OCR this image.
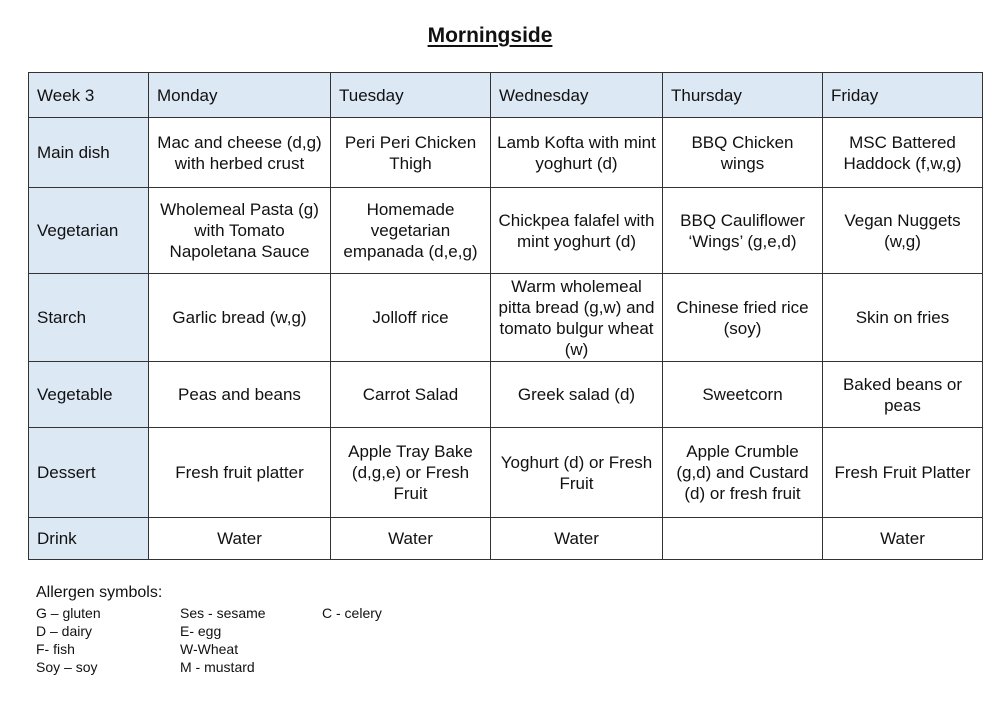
Morningside
Week 3	Monday	Tuesday	Wednesday	Thursday	Friday
Main dish	Mac and cheese (d,g) with herbed crust	Peri Peri Chicken Thigh	Lamb Kofta with mint yoghurt (d)	BBQ Chicken wings	MSC Battered Haddock (f,w,g)
Vegetarian	Wholemeal Pasta (g) with Tomato Napoletana Sauce	Homemade vegetarian empanada (d,e,g)	Chickpea falafel with mint yoghurt (d)	BBQ Cauliflower ‘Wings’ (g,e,d)	Vegan Nuggets (w,g)
Starch	Garlic bread (w,g)	Jolloff rice	Warm wholemeal pitta bread (g,w) and tomato bulgur wheat (w)	Chinese fried rice (soy)	Skin on fries
Vegetable	Peas and beans	Carrot Salad	Greek salad (d)	Sweetcorn	Baked beans or peas
Dessert	Fresh fruit platter	Apple Tray Bake (d,g,e) or Fresh Fruit	Yoghurt (d) or Fresh Fruit	Apple Crumble (g,d) and Custard (d) or fresh fruit	Fresh Fruit Platter
Drink	Water	Water	Water		Water
Allergen symbols:
G – gluten
D – dairy
F- fish
Soy – soy
Ses - sesame
E- egg
W-Wheat
M - mustard
C - celery
